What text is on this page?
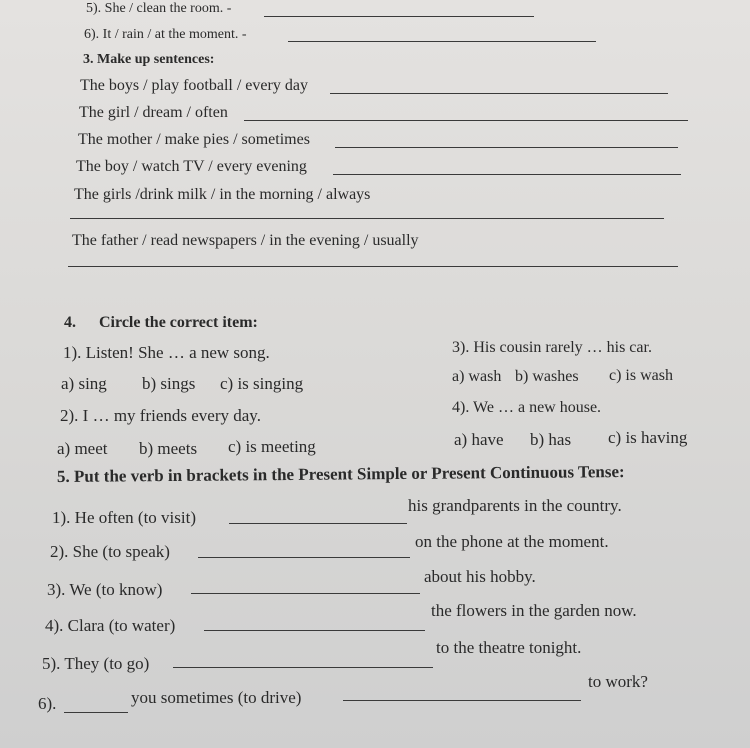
5). She / clean the room. -
6). It / rain / at the moment. -
3. Make up sentences:
The boys / play football / every day
The girl / dream / often
The mother / make pies / sometimes
The boy / watch TV / every evening
The girls /drink milk / in the morning / always
The father / read newspapers / in the evening / usually
4. Circle the correct item:
1). Listen! She … a new song.
a) sing b) sings c) is singing
2). I … my friends every day.
a) meet b) meets c) is meeting
3). His cousin rarely … his car.
a) wash b) washes c) is wash
4). We … a new house.
a) have b) has c) is having
5. Put the verb in brackets in the Present Simple or Present Continuous Tense:
1). He often (to visit)
his grandparents in the country.
2). She (to speak)
on the phone at the moment.
3). We (to know)
about his hobby.
4). Clara (to water)
the flowers in the garden now.
5). They (to go)
to the theatre tonight.
6).	you sometimes (to drive)
to work?
